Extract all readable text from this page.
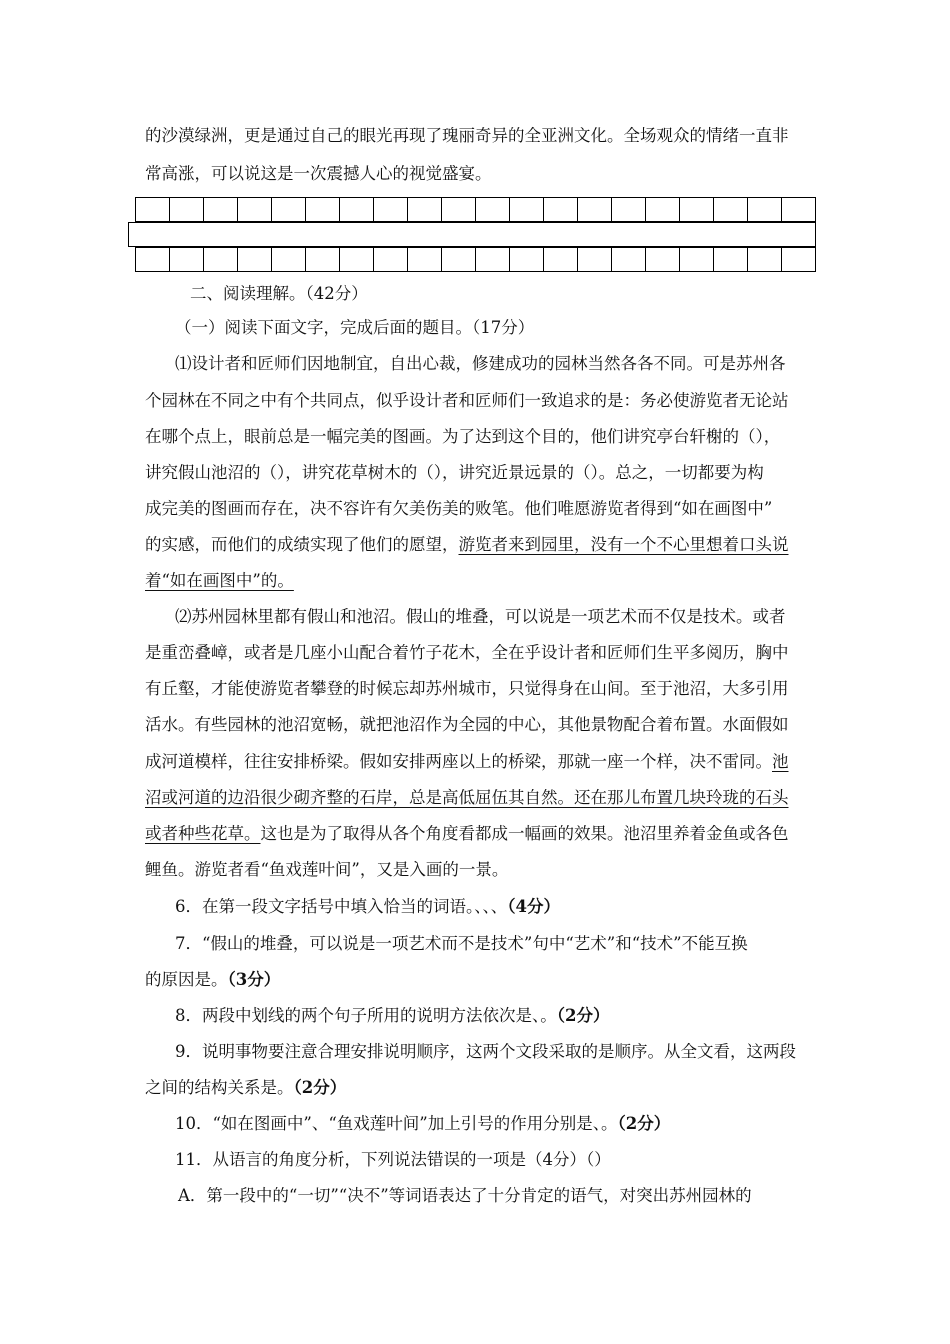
的沙漠绿洲，更是通过自己的眼光再现了瑰丽奇异的全亚洲文化。全场观众的情绪一直非
常高涨，可以说这是一次震撼人心的视觉盛宴。
二、阅读理解。（42分）
（一）阅读下面文字，完成后面的题目。（17分）
⑴设计者和匠师们因地制宜，自出心裁，修建成功的园林当然各各不同。可是苏州各
个园林在不同之中有个共同点，似乎设计者和匠师们一致追求的是：务必使游览者无论站
在哪个点上，眼前总是一幅完美的图画。为了达到这个目的，他们讲究亭台轩榭的（），
讲究假山池沼的（），讲究花草树木的（），讲究近景远景的（）。总之，一切都要为构
成完美的图画而存在，决不容许有欠美伤美的败笔。他们唯愿游览者得到“如在画图中”
的实感，而他们的成绩实现了他们的愿望，游览者来到园里，没有一个不心里想着口头说
着“如在画图中”的。
⑵苏州园林里都有假山和池沼。假山的堆叠，可以说是一项艺术而不仅是技术。或者
是重峦叠嶂，或者是几座小山配合着竹子花木，全在乎设计者和匠师们生平多阅历，胸中
有丘壑，才能使游览者攀登的时候忘却苏州城市，只觉得身在山间。至于池沼，大多引用
活水。有些园林的池沼宽畅，就把池沼作为全园的中心，其他景物配合着布置。水面假如
成河道模样，往往安排桥梁。假如安排两座以上的桥梁，那就一座一个样，决不雷同。池
沼或河道的边沿很少砌齐整的石岸，总是高低屈伍其自然。还在那儿布置几块玲珑的石头
或者种些花草。这也是为了取得从各个角度看都成一幅画的效果。池沼里养着金鱼或各色
鲤鱼。游览者看“鱼戏莲叶间”，又是入画的一景。
6．在第一段文字括号中填入恰当的词语。、、、（4分）
7．“假山的堆叠，可以说是一项艺术而不是技术”句中“艺术”和“技术”不能互换
的原因是。（3分）
8．两段中划线的两个句子所用的说明方法依次是、。（2分）
9．说明事物要注意合理安排说明顺序，这两个文段采取的是顺序。从全文看，这两段
之间的结构关系是。（2分）
10．“如在图画中”、“鱼戏莲叶间”加上引号的作用分别是、。（2分）
11．从语言的角度分析，下列说法错误的一项是（4分）（）
A．第一段中的“一切”“决不”等词语表达了十分肯定的语气，对突出苏州园林的
